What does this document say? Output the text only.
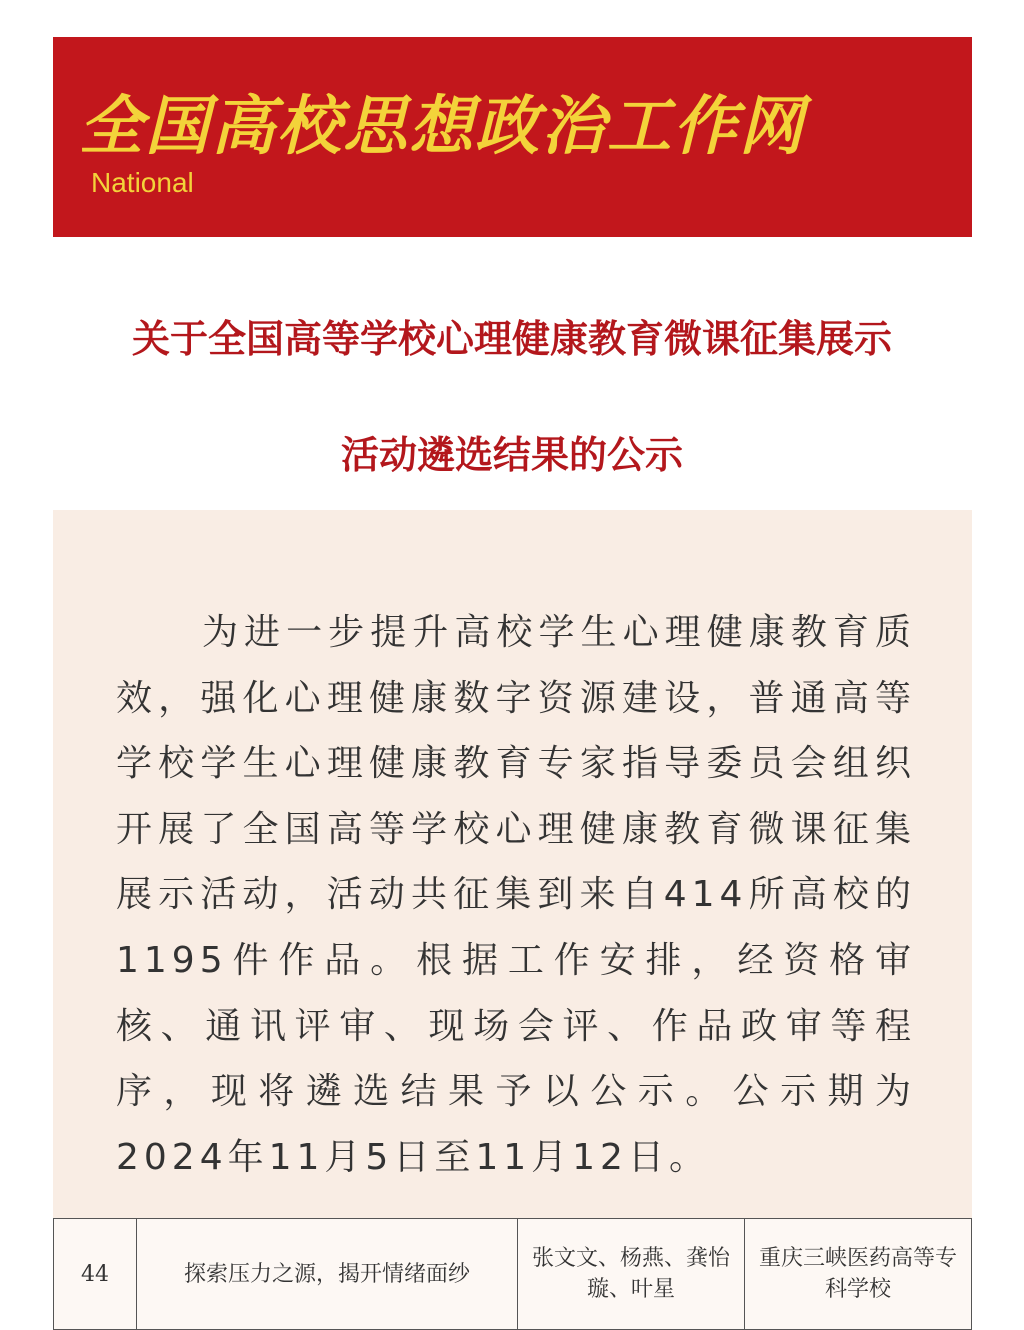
全国高校思想政治工作网
National
关于全国高等学校心理健康教育微课征集展示
活动遴选结果的公示

为进一步提升高校学生心理健康教育质效，强化心理健康数字资源建设，普通高等学校学生心理健康教育专家指导委员会组织开展了全国高等学校心理健康教育微课征集展示活动，活动共征集到来自414所高校的1195件作品。根据工作安排，经资格审核、通讯评审、现场会评、作品政审等程序，现将遴选结果予以公示。公示期为2024年11月5日至11月12日。

44	探索压力之源，揭开情绪面纱	张文文、杨燕、龚怡璇、叶星	重庆三峡医药高等专科学校
